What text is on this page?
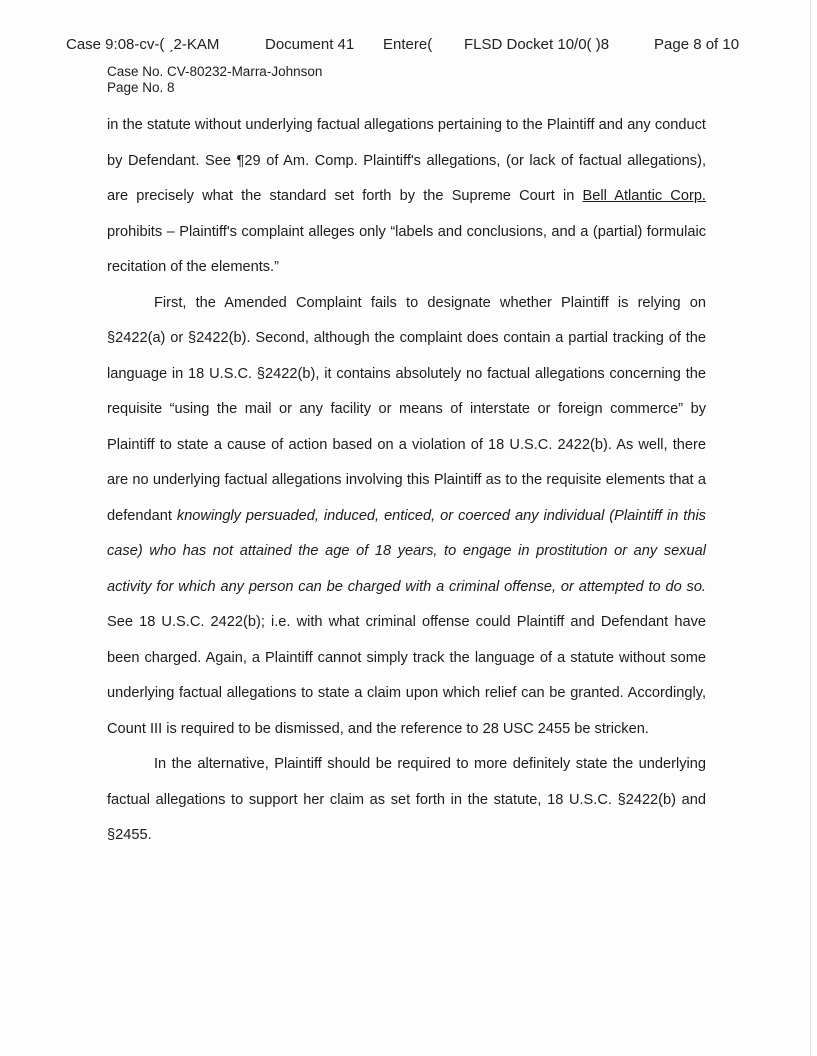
Case 9:08-cv-( ˏ2-KAM	Document 41 Entere( FLSD Docket 10/0( )8	Page 8 of 10
Case No. CV-80232-Marra-Johnson
Page No. 8

in the statute without underlying factual allegations pertaining to the Plaintiff and any conduct by Defendant. See ¶29 of Am. Comp. Plaintiff's allegations, (or lack of factual allegations), are precisely what the standard set forth by the Supreme Court in Bell Atlantic Corp. prohibits – Plaintiff's complaint alleges only “labels and conclusions, and a (partial) formulaic recitation of the elements.”

First, the Amended Complaint fails to designate whether Plaintiff is relying on §2422(a) or §2422(b). Second, although the complaint does contain a partial tracking of the language in 18 U.S.C. §2422(b), it contains absolutely no factual allegations concerning the requisite “using the mail or any facility or means of interstate or foreign commerce” by Plaintiff to state a cause of action based on a violation of 18 U.S.C. 2422(b). As well, there are no underlying factual allegations involving this Plaintiff as to the requisite elements that a defendant knowingly persuaded, induced, enticed, or coerced any individual (Plaintiff in this case) who has not attained the age of 18 years, to engage in prostitution or any sexual activity for which any person can be charged with a criminal offense, or attempted to do so. See 18 U.S.C. 2422(b); i.e. with what criminal offense could Plaintiff and Defendant have been charged. Again, a Plaintiff cannot simply track the language of a statute without some underlying factual allegations to state a claim upon which relief can be granted. Accordingly, Count III is required to be dismissed, and the reference to 28 USC 2455 be stricken.

In the alternative, Plaintiff should be required to more definitely state the underlying factual allegations to support her claim as set forth in the statute, 18 U.S.C. §2422(b) and §2455.
